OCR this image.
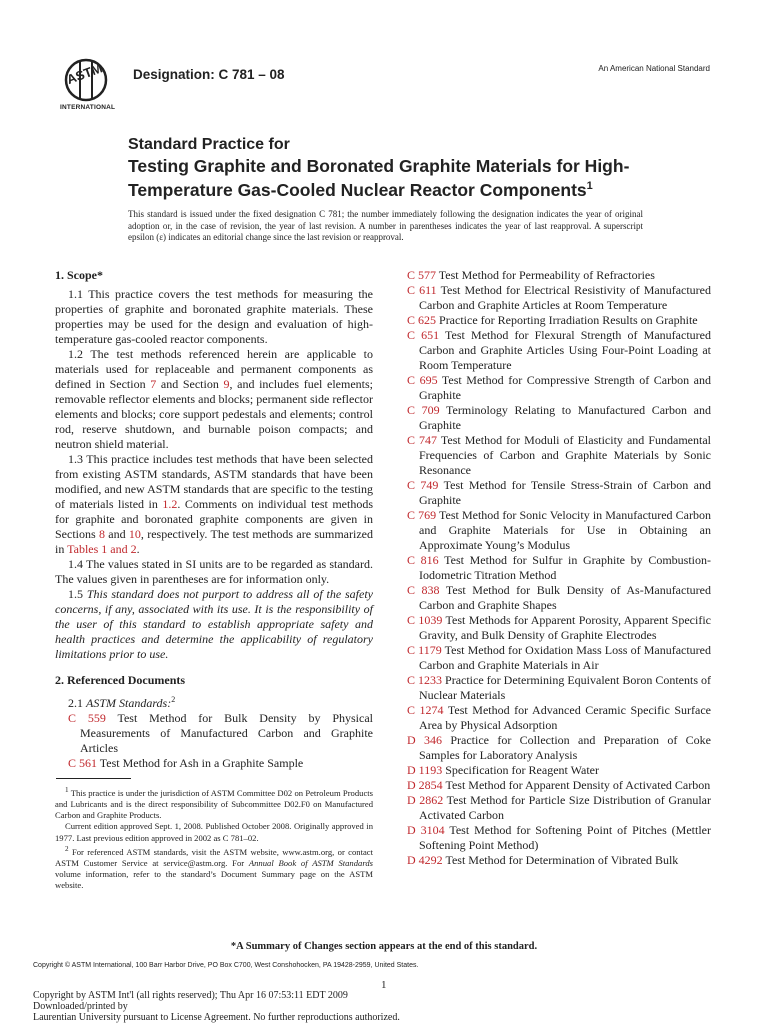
ASTM
INTERNATIONAL
Designation: C 781 – 08	An American National Standard
Standard Practice for
Testing Graphite and Boronated Graphite Materials for High-Temperature Gas-Cooled Nuclear Reactor Components$^1$
This standard is issued under the fixed designation C 781; the number immediately following the designation indicates the year of original adoption or, in the case of revision, the year of last revision. A number in parentheses indicates the year of last reapproval. A superscript epsilon (ε) indicates an editorial change since the last revision or reapproval.
1. Scope*

1.1 This practice covers the test methods for measuring the properties of graphite and boronated graphite materials. These properties may be used for the design and evaluation of high-temperature gas-cooled reactor components.

1.2 The test methods referenced herein are applicable to materials used for replaceable and permanent components as defined in Section 7 and Section 9, and includes fuel elements; removable reflector elements and blocks; permanent side reflector elements and blocks; core support pedestals and elements; control rod, reserve shutdown, and burnable poison compacts; and neutron shield material.

1.3 This practice includes test methods that have been selected from existing ASTM standards, ASTM standards that have been modified, and new ASTM standards that are specific to the testing of materials listed in 1.2. Comments on individual test methods for graphite and boronated graphite components are given in Sections 8 and 10, respectively. The test methods are summarized in Tables 1 and 2.

1.4 The values stated in SI units are to be regarded as standard. The values given in parentheses are for information only.

1.5 This standard does not purport to address all of the safety concerns, if any, associated with its use. It is the responsibility of the user of this standard to establish appropriate safety and health practices and determine the applicability of regulatory limitations prior to use.

2. Referenced Documents

2.1 ASTM Standards:$^2$

C 559 Test Method for Bulk Density by Physical Measurements of Manufactured Carbon and Graphite Articles
C 561 Test Method for Ash in a Graphite Sample
C 577 Test Method for Permeability of Refractories
C 611 Test Method for Electrical Resistivity of Manufactured Carbon and Graphite Articles at Room Temperature
C 625 Practice for Reporting Irradiation Results on Graphite
C 651 Test Method for Flexural Strength of Manufactured Carbon and Graphite Articles Using Four-Point Loading at Room Temperature
C 695 Test Method for Compressive Strength of Carbon and Graphite
C 709 Terminology Relating to Manufactured Carbon and Graphite
C 747 Test Method for Moduli of Elasticity and Fundamental Frequencies of Carbon and Graphite Materials by Sonic Resonance
C 749 Test Method for Tensile Stress-Strain of Carbon and Graphite
C 769 Test Method for Sonic Velocity in Manufactured Carbon and Graphite Materials for Use in Obtaining an Approximate Young’s Modulus
C 816 Test Method for Sulfur in Graphite by Combustion-Iodometric Titration Method
C 838 Test Method for Bulk Density of As-Manufactured Carbon and Graphite Shapes
C 1039 Test Methods for Apparent Porosity, Apparent Specific Gravity, and Bulk Density of Graphite Electrodes
C 1179 Test Method for Oxidation Mass Loss of Manufactured Carbon and Graphite Materials in Air
C 1233 Practice for Determining Equivalent Boron Contents of Nuclear Materials
C 1274 Test Method for Advanced Ceramic Specific Surface Area by Physical Adsorption
D 346 Practice for Collection and Preparation of Coke Samples for Laboratory Analysis
D 1193 Specification for Reagent Water
D 2854 Test Method for Apparent Density of Activated Carbon
D 2862 Test Method for Particle Size Distribution of Granular Activated Carbon
D 3104 Test Method for Softening Point of Pitches (Mettler Softening Point Method)
D 4292 Test Method for Determination of Vibrated Bulk

$^1$ This practice is under the jurisdiction of ASTM Committee D02 on Petroleum Products and Lubricants and is the direct responsibility of Subcommittee D02.F0 on Manufactured Carbon and Graphite Products.

Current edition approved Sept. 1, 2008. Published October 2008. Originally approved in 1977. Last previous edition approved in 2002 as C 781–02.

$^2$ For referenced ASTM standards, visit the ASTM website, www.astm.org, or contact ASTM Customer Service at service@astm.org. For Annual Book of ASTM Standards volume information, refer to the standard’s Document Summary page on the ASTM website.

*A Summary of Changes section appears at the end of this standard.
Copyright © ASTM International, 100 Barr Harbor Drive, PO Box C700, West Conshohocken, PA 19428-2959, United States.
1
Copyright by ASTM Int'l (all rights reserved); Thu Apr 16 07:53:11 EDT 2009
Downloaded/printed by
Laurentian University pursuant to License Agreement. No further reproductions authorized.
